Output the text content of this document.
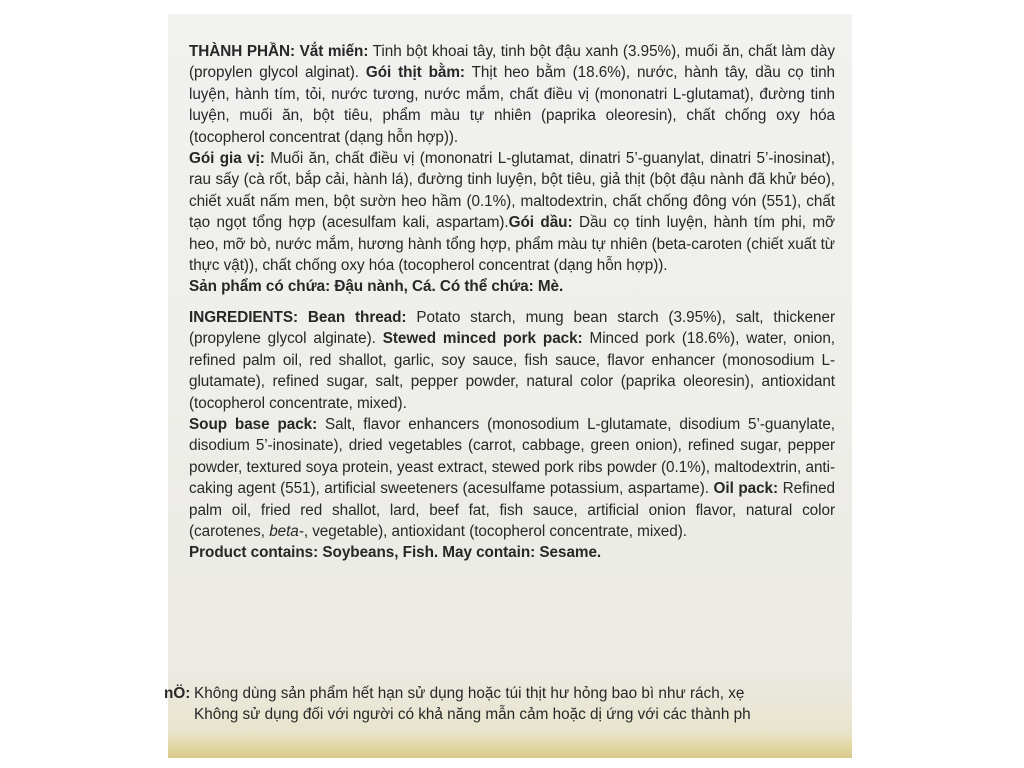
THÀNH PHẦN: Vắt miến: Tinh bột khoai tây, tinh bột đậu xanh (3.95%), muối ăn, chất làm dày (propylen glycol alginat). Gói thịt bằm: Thịt heo bằm (18.6%), nước, hành tây, dầu cọ tinh luyện, hành tím, tỏi, nước tương, nước mắm, chất điều vị (mononatri L-glutamat), đường tinh luyện, muối ăn, bột tiêu, phẩm màu tự nhiên (paprika oleoresin), chất chống oxy hóa (tocopherol concentrat (dạng hỗn hợp)).

Gói gia vị: Muối ăn, chất điều vị (mononatri L-glutamat, dinatri 5’-guanylat, dinatri 5’-inosinat), rau sấy (cà rốt, bắp cải, hành lá), đường tinh luyện, bột tiêu, giả thịt (bột đậu nành đã khử béo), chiết xuất nấm men, bột sườn heo hầm (0.1%), maltodextrin, chất chống đông vón (551), chất tạo ngọt tổng hợp (acesulfam kali, aspartam).Gói dầu: Dầu cọ tinh luyện, hành tím phi, mỡ heo, mỡ bò, nước mắm, hương hành tổng hợp, phẩm màu tự nhiên (beta-caroten (chiết xuất từ thực vật)), chất chống oxy hóa (tocopherol concentrat (dạng hỗn hợp)).

Sản phẩm có chứa: Đậu nành, Cá. Có thể chứa: Mè.

INGREDIENTS: Bean thread: Potato starch, mung bean starch (3.95%), salt, thickener (propylene glycol alginate). Stewed minced pork pack: Minced pork (18.6%), water, onion, refined palm oil, red shallot, garlic, soy sauce, fish sauce, flavor enhancer (monosodium L-glutamate), refined sugar, salt, pepper powder, natural color (paprika oleoresin), antioxidant (tocopherol concentrate, mixed).

Soup base pack: Salt, flavor enhancers (monosodium L-glutamate, disodium 5’-guanylate, disodium 5’-inosinate), dried vegetables (carrot, cabbage, green onion), refined sugar, pepper powder, textured soya protein, yeast extract, stewed pork ribs powder (0.1%), maltodextrin, anti-caking agent (551), artificial sweeteners (acesulfame potassium, aspartame). Oil pack: Refined palm oil, fried red shallot, lard, beef fat, fish sauce, artificial onion flavor, natural color (carotenes, beta-, vegetable), antioxidant (tocopherol concentrate, mixed).

Product contains: Soybeans, Fish. May contain: Sesame.

nÖ: Không dùng sản phẩm hết hạn sử dụng hoặc túi thịt hư hỏng bao bì như rách, xẹ
Không sử dụng đối với người có khả năng mẫn cảm hoặc dị ứng với các thành ph
